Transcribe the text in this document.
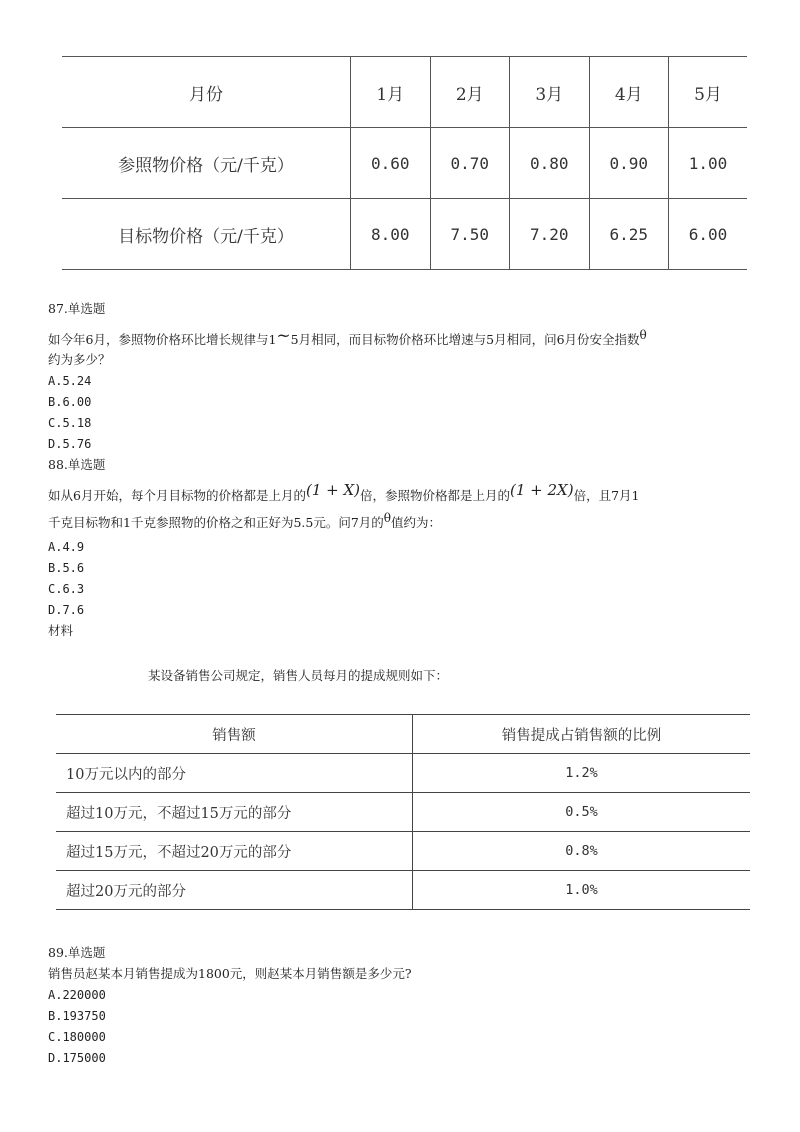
月份	1月	2月	3月	4月	5月
参照物价格（元/千克）	0.60	0.70	0.80	0.90	1.00
目标物价格（元/千克）	8.00	7.50	7.20	6.25	6.00
87.单选题
如今年6月，参照物价格环比增长规律与1~5月相同，而目标物价格环比增速与5月相同，问6月份安全指数θ
约为多少？
A.5.24
B.6.00
C.5.18
D.5.76
88.单选题
如从6月开始，每个月目标物的价格都是上月的(1 + X)倍，参照物价格都是上月的(1 + 2X)倍，且7月1
千克目标物和1千克参照物的价格之和正好为5.5元。问7月的θ值约为：
A.4.9
B.5.6
C.6.3
D.7.6
材料
某设备销售公司规定，销售人员每月的提成规则如下：
销售额	销售提成占销售额的比例
10万元以内的部分	1.2%
超过10万元，不超过15万元的部分	0.5%
超过15万元，不超过20万元的部分	0.8%
超过20万元的部分	1.0%
89.单选题
销售员赵某本月销售提成为1800元，则赵某本月销售额是多少元?
A.220000
B.193750
C.180000
D.175000
